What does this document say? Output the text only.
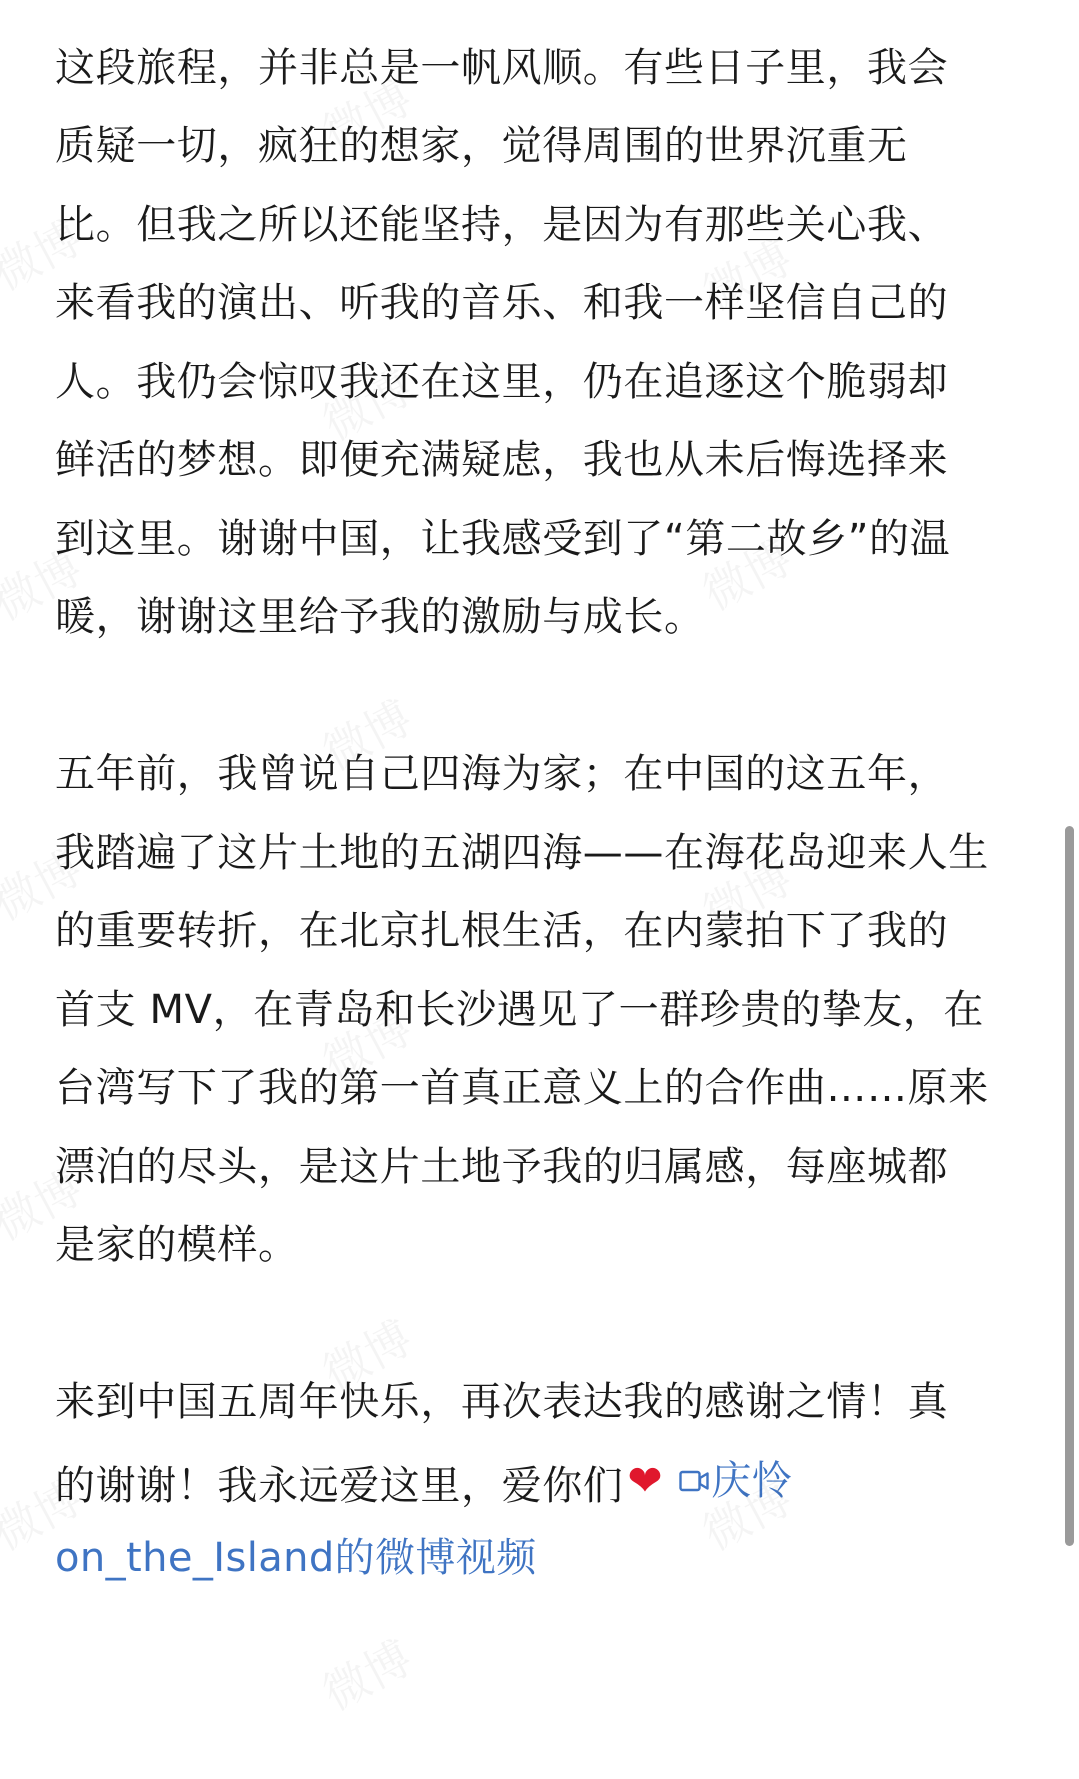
这段旅程，并非总是一帆风顺。有些日子里，我会
质疑一切，疯狂的想家，觉得周围的世界沉重无
比。但我之所以还能坚持，是因为有那些关心我、
来看我的演出、听我的音乐、和我一样坚信自己的
人。我仍会惊叹我还在这里，仍在追逐这个脆弱却
鲜活的梦想。即便充满疑虑，我也从未后悔选择来
到这里。谢谢中国，让我感受到了“第二故乡”的温
暖，谢谢这里给予我的激励与成长。
五年前，我曾说自己四海为家；在中国的这五年，
我踏遍了这片土地的五湖四海——在海花岛迎来人生
的重要转折，在北京扎根生活，在内蒙拍下了我的
首支 MV，在青岛和长沙遇见了一群珍贵的挚友，在
台湾写下了我的第一首真正意义上的合作曲……原来
漂泊的尽头，是这片土地予我的归属感，每座城都
是家的模样。
来到中国五周年快乐，再次表达我的感谢之情！真
的谢谢！我永远爱这里，爱你们❤ 庆怜
on_the_Island的微博视频
